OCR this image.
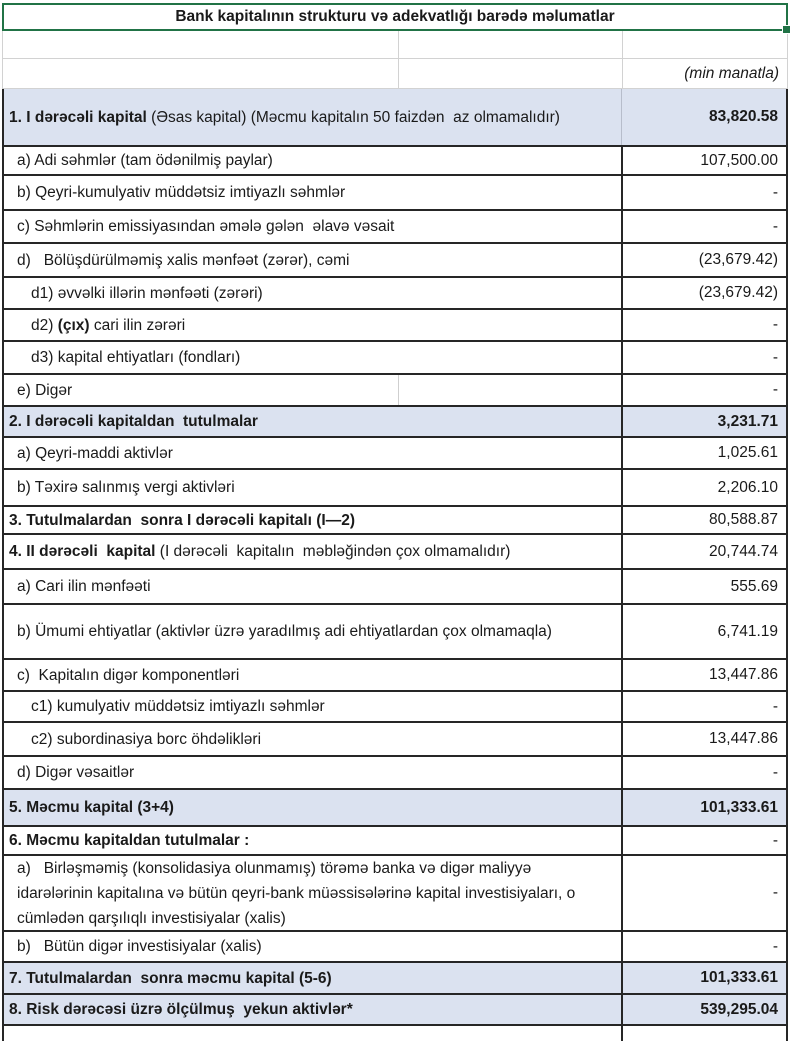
Bank kapitalının strukturu və adekvatlığı barədə məlumatlar
(min manatla)
1. I dərəcəli kapital (Əsas kapital) (Məcmu kapitalın 50 faizdən  az olmamalıdır)	83,820.58
a) Adi səhmlər (tam ödənilmiş paylar)	107,500.00
b) Qeyri-kumulyativ müddətsiz imtiyazlı səhmlər	-
c) Səhmlərin emissiyasından əmələ gələn  əlavə vəsait	-
d)   Bölüşdürülməmiş xalis mənfəət (zərər), cəmi	(23,679.42)
d1) əvvəlki illərin mənfəəti (zərəri)	(23,679.42)
d2) (çıx) cari ilin zərəri	-
d3) kapital ehtiyatları (fondları)	-
e) Digər	-
2. I dərəcəli kapitaldan  tutulmalar	3,231.71
a) Qeyri-maddi aktivlər	1,025.61
b) Təxirə salınmış vergi aktivləri	2,206.10
3. Tutulmalardan  sonra I dərəcəli kapitalı (I—2)	80,588.87
4. II dərəcəli  kapital (I dərəcəli  kapitalın  məbləğindən çox olmamalıdır)	20,744.74
a) Cari ilin mənfəəti	555.69
b) Ümumi ehtiyatlar (aktivlər üzrə yaradılmış adi ehtiyatlardan çox olmamaqla)	6,741.19
c)  Kapitalın digər komponentləri	13,447.86
c1) kumulyativ müddətsiz imtiyazlı səhmlər	-
c2) subordinasiya borc öhdəlikləri	13,447.86
d) Digər vəsaitlər	-
5. Məcmu kapital (3+4)	101,333.61
6. Məcmu kapitaldan tutulmalar :	-
a)   Birləşməmiş (konsolidasiya olunmamış) törəmə banka və digər maliyyə idarələrinin kapitalına və bütün qeyri-bank müəssisələrinə kapital investisiyaları, o cümlədən qarşılıqlı investisiyalar (xalis)
-
b)   Bütün digər investisiyalar (xalis)	-
7. Tutulmalardan  sonra məcmu kapital (5-6)	101,333.61
8. Risk dərəcəsi üzrə ölçülmuş  yekun aktivlər*	539,295.04
